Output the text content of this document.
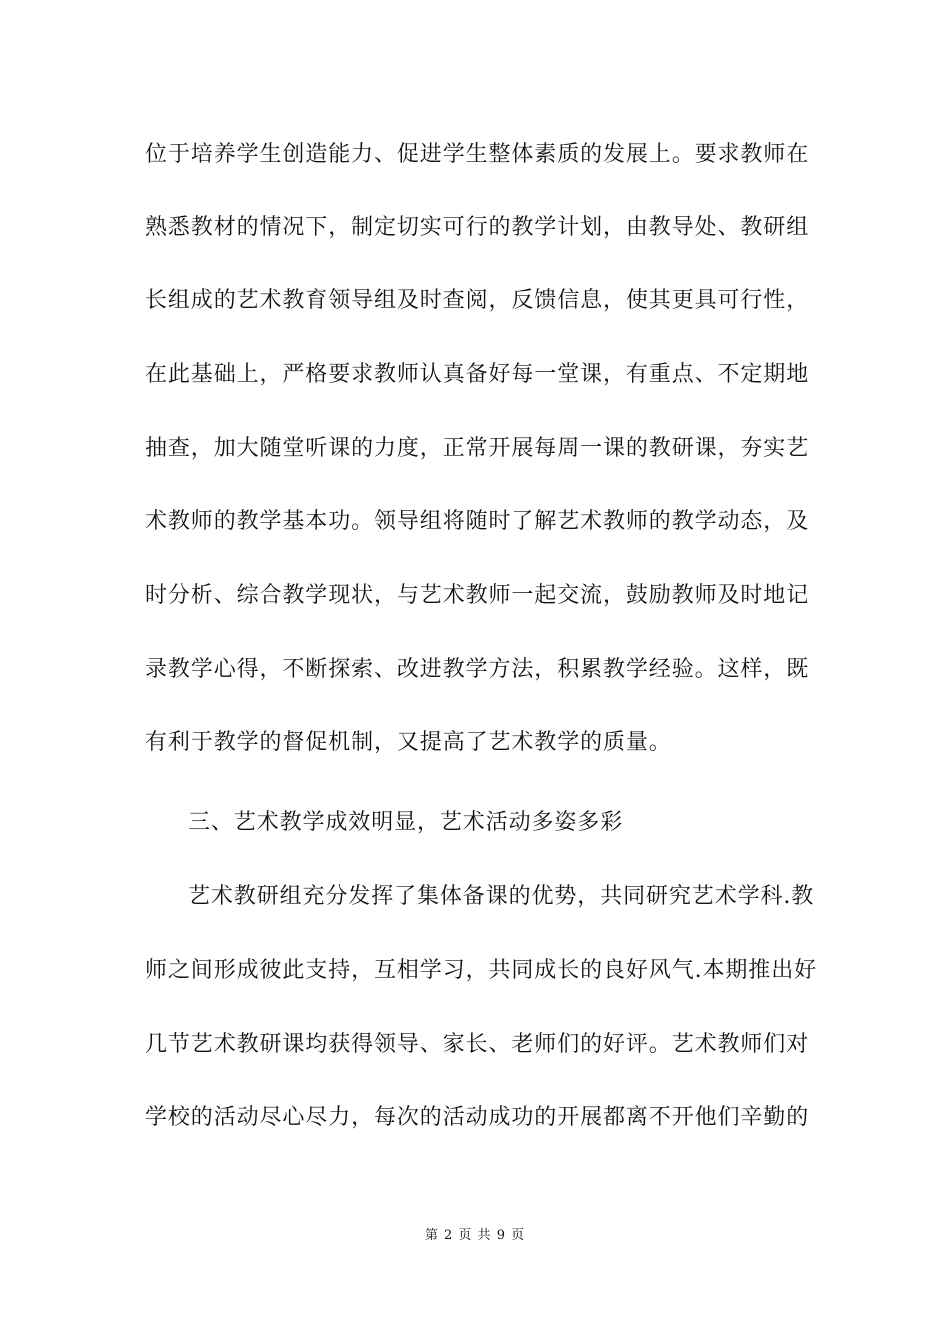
位于培养学生创造能力、促进学生整体素质的发展上。要求教师在
熟悉教材的情况下，制定切实可行的教学计划，由教导处、教研组
长组成的艺术教育领导组及时查阅，反馈信息，使其更具可行性，
在此基础上，严格要求教师认真备好每一堂课，有重点、不定期地
抽查，加大随堂听课的力度，正常开展每周一课的教研课，夯实艺
术教师的教学基本功。领导组将随时了解艺术教师的教学动态，及
时分析、综合教学现状，与艺术教师一起交流，鼓励教师及时地记
录教学心得，不断探索、改进教学方法，积累教学经验。这样，既
有利于教学的督促机制，又提高了艺术教学的质量。
三、艺术教学成效明显，艺术活动多姿多彩
艺术教研组充分发挥了集体备课的优势，共同研究艺术学科.教
师之间形成彼此支持，互相学习，共同成长的良好风气.本期推出好
几节艺术教研课均获得领导、家长、老师们的好评。艺术教师们对
学校的活动尽心尽力，每次的活动成功的开展都离不开他们辛勤的
第 2 页 共 9 页
